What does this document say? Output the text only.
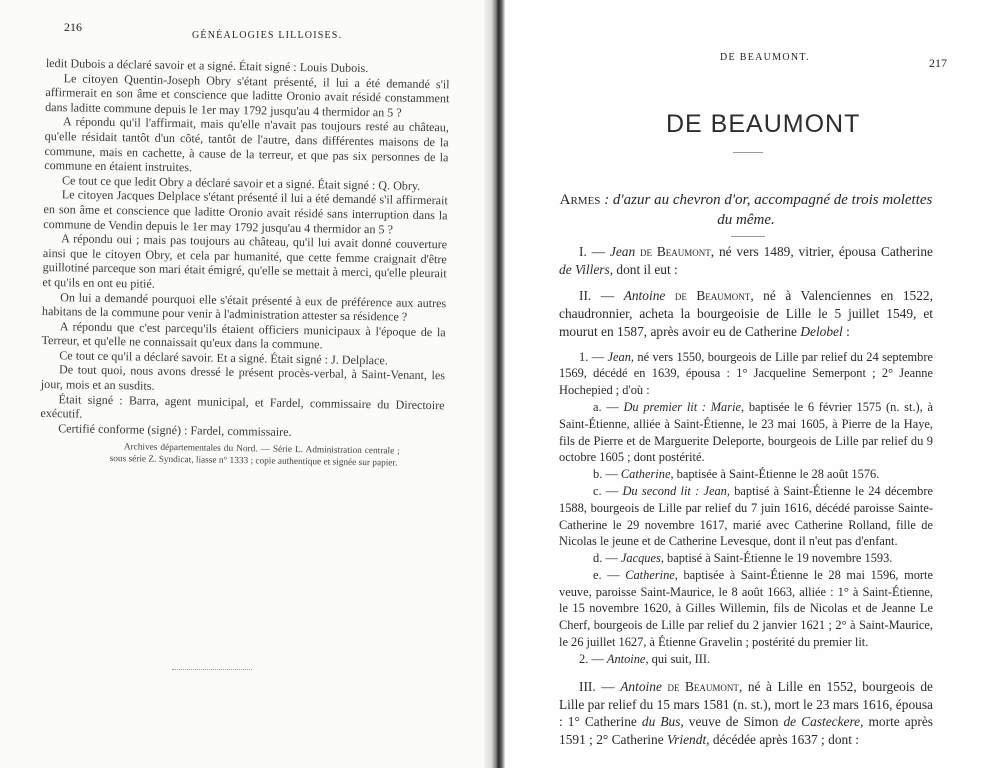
216
GÉNÉALOGIES LILLOISES.

ledit Dubois a déclaré savoir et a signé. Était signé : Louis Dubois.

Le citoyen Quentin-Joseph Obry s'étant présenté, il lui a été demandé s'il affirmerait en son âme et conscience que laditte Oronio avait résidé constamment dans laditte commune depuis le 1er may 1792 jusqu'au 4 thermidor an 5 ?

A répondu qu'il l'affirmait, mais qu'elle n'avait pas toujours resté au château, qu'elle résidait tantôt d'un côté, tantôt de l'autre, dans différentes maisons de la commune, mais en cachette, à cause de la terreur, et que pas six personnes de la commune en étaient instruites.

Ce tout ce que ledit Obry a déclaré savoir et a signé. Était signé : Q. Obry.

Le citoyen Jacques Delplace s'étant présenté il lui a été demandé s'il affirmerait en son âme et conscience que laditte Oronio avait résidé sans interruption dans la commune de Vendin depuis le 1er may 1792 jusqu'au 4 thermidor an 5 ?

A répondu oui ; mais pas toujours au château, qu'il lui avait donné couverture ainsi que le citoyen Obry, et cela par humanité, que cette femme craignait d'être guillotiné parceque son mari était émigré, qu'elle se mettait à merci, qu'elle pleurait et qu'ils en ont eu pitié.

On lui a demandé pourquoi elle s'était présenté à eux de préférence aux autres habitans de la commune pour venir à l'administration attester sa résidence ?

A répondu que c'est parcequ'ils étaient officiers municipaux à l'époque de la Terreur, et qu'elle ne connaissait qu'eux dans la commune.

Ce tout ce qu'il a déclaré savoir. Et a signé. Était signé : J. Delplace.

De tout quoi, nous avons dressé le présent procès-verbal, à Saint-Venant, les jour, mois et an susdits.

Était signé : Barra, agent municipal, et Fardel, commissaire du Directoire exécutif.

Certifié conforme (signé) : Fardel, commissaire.

Archives départementales du Nord. — Série L. Administration centrale ; sous série Z. Syndicat, liasse n° 1333 ; copie authentique et signée sur papier.

DE BEAUMONT.	217
DE BEAUMONT
Armes : d'azur au chevron d'or, accompagné de trois molettes du même.

I. — Jean de Beaumont, né vers 1489, vitrier, épousa Catherine de Villers, dont il eut :

II. — Antoine de Beaumont, né à Valenciennes en 1522, chaudronnier, acheta la bourgeoisie de Lille le 5 juillet 1549, et mourut en 1587, après avoir eu de Catherine Delobel :

1. — Jean, né vers 1550, bourgeois de Lille par relief du 24 septembre 1569, décédé en 1639, épousa : 1° Jacqueline Semerpont ; 2° Jeanne Hochepied ; d'où :

a. — Du premier lit : Marie, baptisée le 6 février 1575 (n. st.), à Saint-Étienne, alliée à Saint-Étienne, le 23 mai 1605, à Pierre de la Haye, fils de Pierre et de Marguerite Deleporte, bourgeois de Lille par relief du 9 octobre 1605 ; dont postérité.

b. — Catherine, baptisée à Saint-Étienne le 28 août 1576.

c. — Du second lit : Jean, baptisé à Saint-Étienne le 24 décembre 1588, bourgeois de Lille par relief du 7 juin 1616, décédé paroisse Sainte-Catherine le 29 novembre 1617, marié avec Catherine Rolland, fille de Nicolas le jeune et de Catherine Levesque, dont il n'eut pas d'enfant.

d. — Jacques, baptisé à Saint-Étienne le 19 novembre 1593.

e. — Catherine, baptisée à Saint-Étienne le 28 mai 1596, morte veuve, paroisse Saint-Maurice, le 8 août 1663, alliée : 1° à Saint-Étienne, le 15 novembre 1620, à Gilles Willemin, fils de Nicolas et de Jeanne Le Cherf, bourgeois de Lille par relief du 2 janvier 1621 ; 2° à Saint-Maurice, le 26 juillet 1627, à Étienne Gravelin ; postérité du premier lit.

2. — Antoine, qui suit, III.

III. — Antoine de Beaumont, né à Lille en 1552, bourgeois de Lille par relief du 15 mars 1581 (n. st.), mort le 23 mars 1616, épousa : 1° Catherine du Bus, veuve de Simon de Casteckere, morte après 1591 ; 2° Catherine Vriendt, décédée après 1637 ; dont :
